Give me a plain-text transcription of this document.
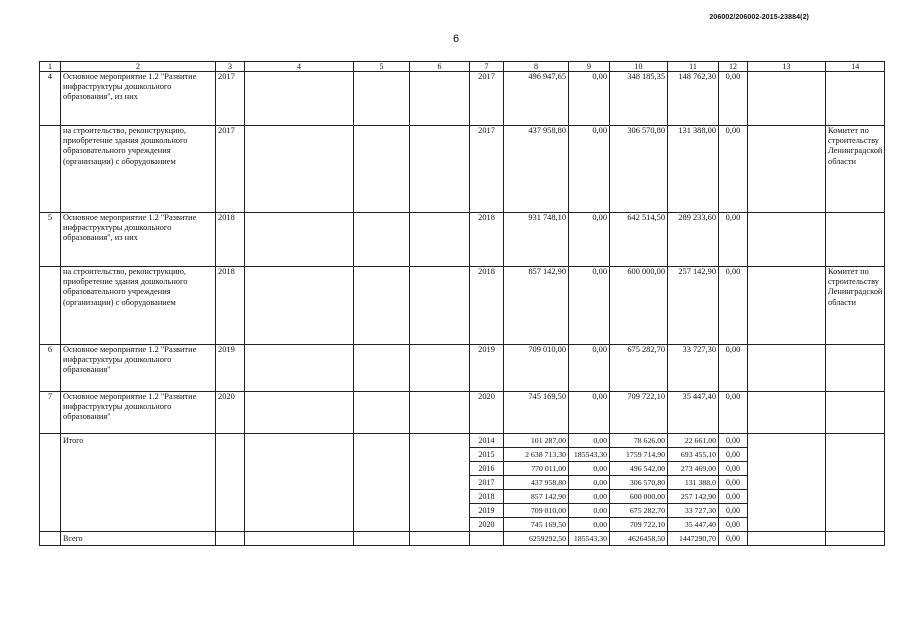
206002/206002-2015-23884(2)
6
1	2	3	4	5	6	7	8	9	10	11	12	13	14
4	Основное мероприятие 1.2 "Развитие инфраструктуры дошкольного образования", из них	2017				2017	496 947,65	0,00	348 185,35	148 762,30	0,00		
	на строительство, реконструкцию, приобретение здания дошкольного образовательного учреждения (организации) с оборудованием	2017				2017	437 958,80	0,00	306 570,80	131 388,00	0,00		Комитет по строительству Ленинградской области
5	Основное мероприятие 1.2 "Развитие инфраструктуры дошкольного образования", из них	2018				2018	931 748,10	0,00	642 514,50	289 233,60	0,00		
	на строительство, реконструкцию, приобретение здания дошкольного образовательного учреждения (организации) с оборудованием	2018				2018	857 142,90	0,00	600 000,00	257 142,90	0,00		Комитет по строительству Ленинградской области
6	Основное мероприятие 1.2 "Развитие инфраструктуры дошкольного образования"	2019				2019	709 010,00	0,00	675 282,70	33 727,30	0,00		
7	Основное мероприятие 1.2 "Развитие инфраструктуры дошкольного образования"	2020				2020	745 169,50	0,00	709 722,10	35 447,40	0,00		
	Итого					2014	101 287,00	0,00	78 626,00	22 661,00	0,00		
						2015	2 638 713,30	185543,30	1759 714,90	693 455,10	0,00		
						2016	770 011,00	0,00	496 542,00	273 469,00	0,00		
						2017	437 958,80	0,00	306 570,80	131 388,0	0,00		
						2018	857 142,90	0,00	600 000,00	257 142,90	0,00		
						2019	709 010,00	0,00	675 282,70	33 727,30	0,00		
						2020	745 169,50	0,00	709 722,10	35 447,40	0,00		
	Всего						6259292,50	185543,30	4626458,50	1447290,70	0,00		
